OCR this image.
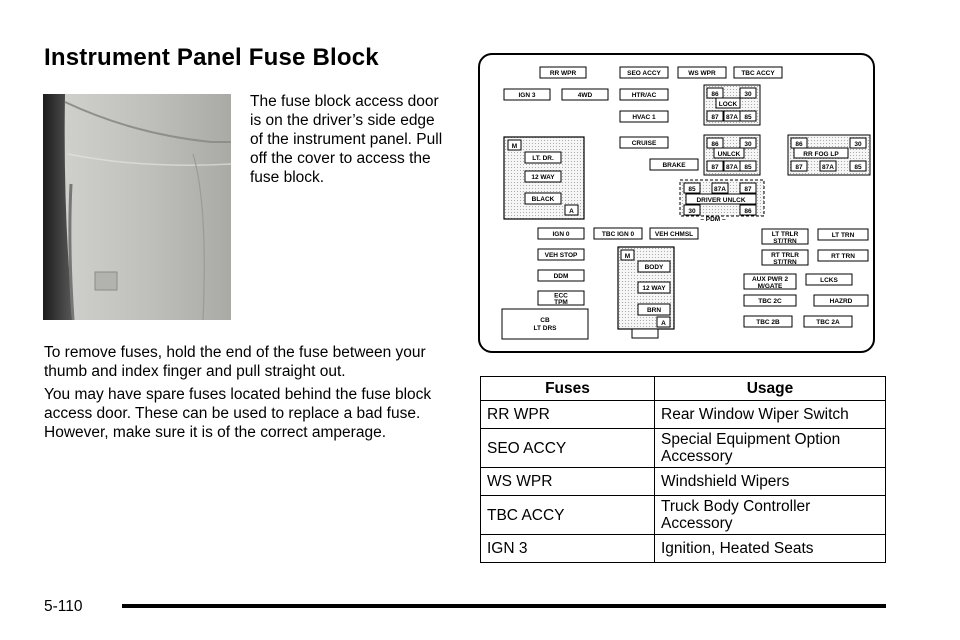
Instrument Panel Fuse Block

The fuse block access door is on the driver’s side edge of the instrument panel. Pull off the cover to access the fuse block.

To remove fuses, hold the end of the fuse between your thumb and index finger and pull straight out.

You may have spare fuses located behind the fuse block access door. These can be used to replace a bad fuse. However, make sure it is of the correct amperage.

RR WPR	SEO ACCY	WS WPR	TBC ACCY
IGN 3	4WD	HTR/AC
HVAC 1
CRUISE
BRAKE
IGN 0	TBC IGN 0	VEH CHMSL
VEH STOP
DDM
LT TRN
RT TRN
LCKS
HAZRD
TBC 2C
TBC 2B	TBC 2A
M
LT. DR.
12 WAY
BLACK
A
M
BODY
12 WAY
BRN
A
86	30
LOCK
87 87A 85
86	30
UNLCK
87 87A 85
86	30
RR FOG LP
87	87A	85
85	87A	87
DRIVER UNLCK
30	86
– PDM –
ECC
TPM
CB
LT DRS
LT TRLR
ST/TRN
RT TRLR
ST/TRN
AUX PWR 2
M/GATE
Fuses	Usage
RR WPR	Rear Window Wiper Switch
SEO ACCY	Special Equipment Option Accessory
WS WPR	Windshield Wipers
TBC ACCY	Truck Body Controller Accessory
IGN 3	Ignition, Heated Seats
5-110
